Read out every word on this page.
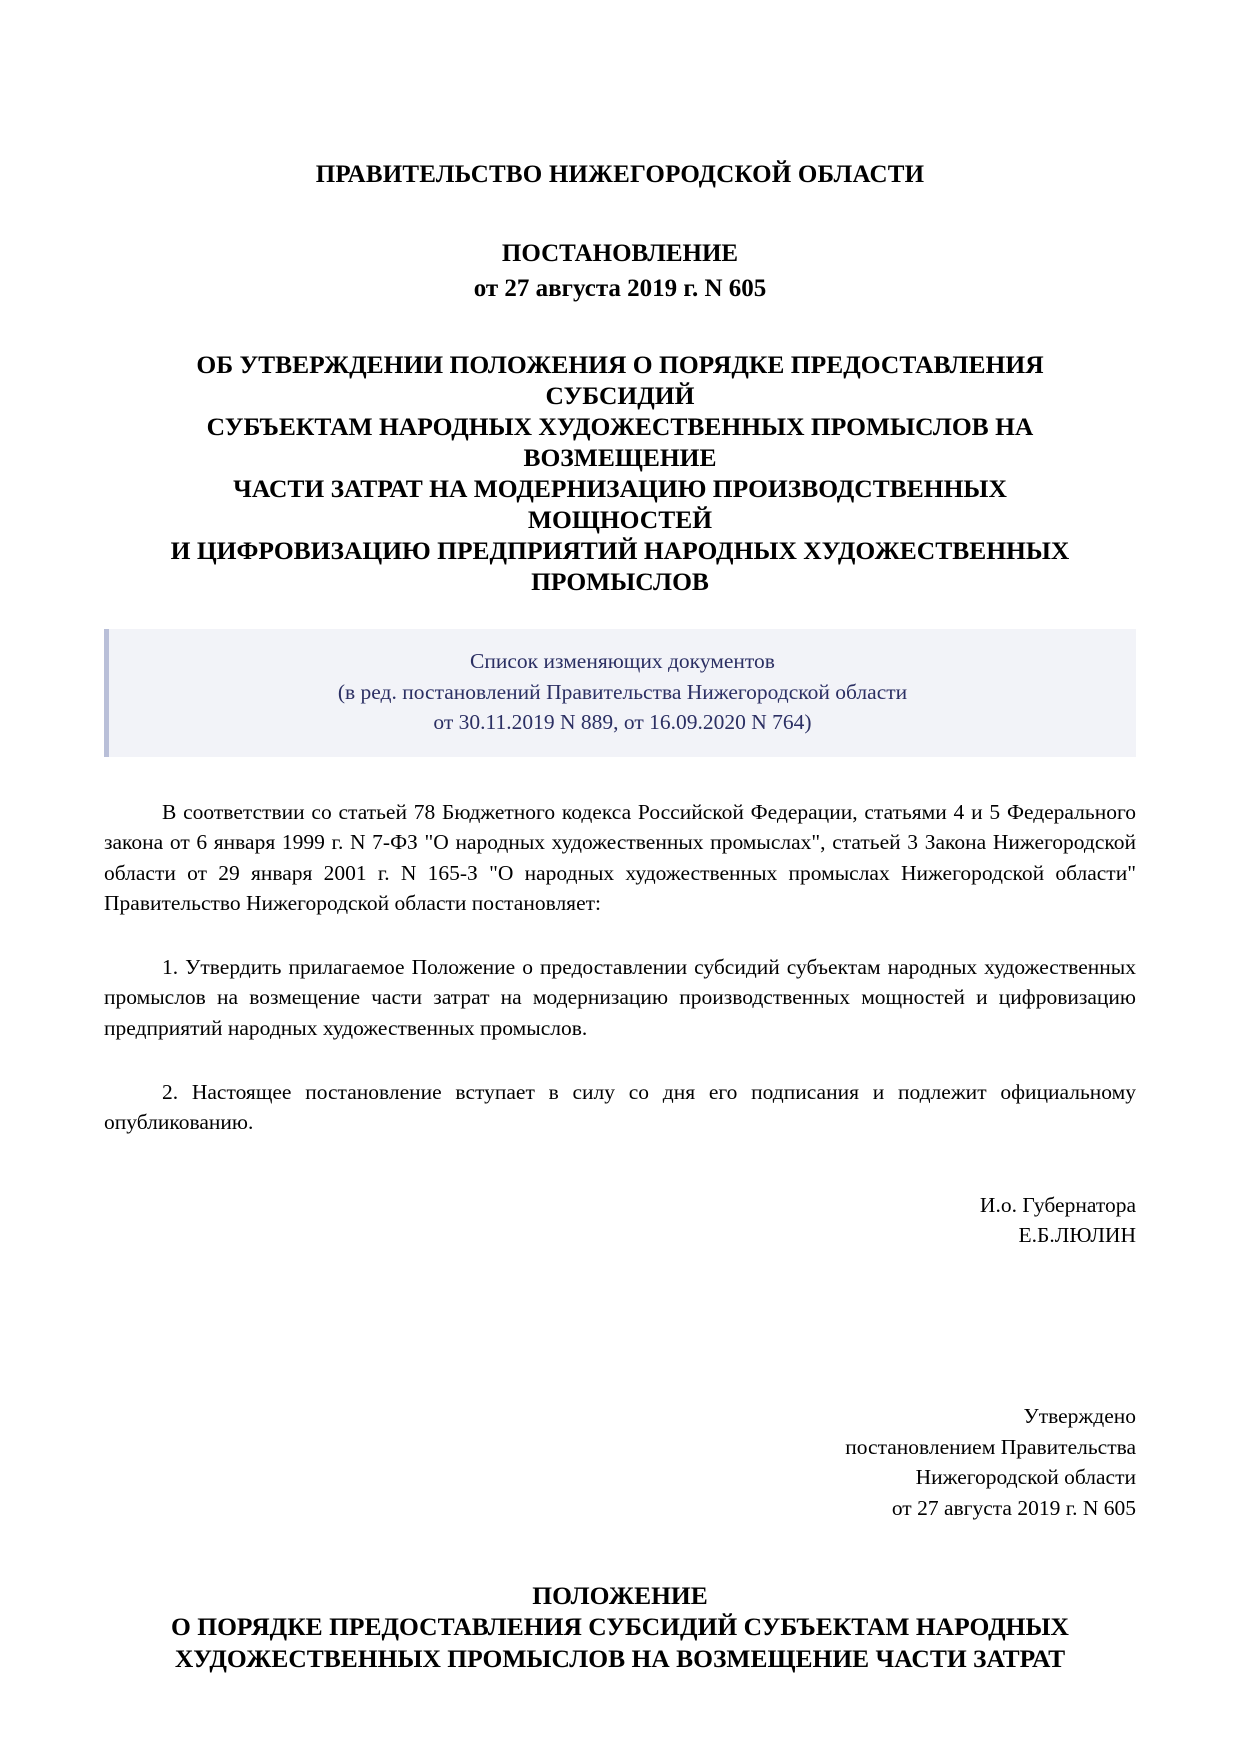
ПРАВИТЕЛЬСТВО НИЖЕГОРОДСКОЙ ОБЛАСТИ
ПОСТАНОВЛЕНИЕ
от 27 августа 2019 г. N 605
ОБ УТВЕРЖДЕНИИ ПОЛОЖЕНИЯ О ПОРЯДКЕ ПРЕДОСТАВЛЕНИЯ
СУБСИДИЙ
СУБЪЕКТАМ НАРОДНЫХ ХУДОЖЕСТВЕННЫХ ПРОМЫСЛОВ НА
ВОЗМЕЩЕНИЕ
ЧАСТИ ЗАТРАТ НА МОДЕРНИЗАЦИЮ ПРОИЗВОДСТВЕННЫХ
МОЩНОСТЕЙ
И ЦИФРОВИЗАЦИЮ ПРЕДПРИЯТИЙ НАРОДНЫХ ХУДОЖЕСТВЕННЫХ
ПРОМЫСЛОВ
Список изменяющих документов
(в ред. постановлений Правительства Нижегородской области
от 30.11.2019 N 889, от 16.09.2020 N 764)

В соответствии со статьей 78 Бюджетного кодекса Российской Федерации, статьями 4 и 5 Федерального закона от 6 января 1999 г. N 7-ФЗ "О народных художественных промыслах", статьей 3 Закона Нижегородской области от 29 января 2001 г. N 165-З "О народных художественных промыслах Нижегородской области" Правительство Нижегородской области постановляет:

1. Утвердить прилагаемое Положение о предоставлении субсидий субъектам народных художественных промыслов на возмещение части затрат на модернизацию производственных мощностей и цифровизацию предприятий народных художественных промыслов.

2. Настоящее постановление вступает в силу со дня его подписания и подлежит официальному опубликованию.

И.о. Губернатора
Е.Б.ЛЮЛИН
Утверждено
постановлением Правительства
Нижегородской области
от 27 августа 2019 г. N 605
ПОЛОЖЕНИЕ
О ПОРЯДКЕ ПРЕДОСТАВЛЕНИЯ СУБСИДИЙ СУБЪЕКТАМ НАРОДНЫХ
ХУДОЖЕСТВЕННЫХ ПРОМЫСЛОВ НА ВОЗМЕЩЕНИЕ ЧАСТИ ЗАТРАТ
